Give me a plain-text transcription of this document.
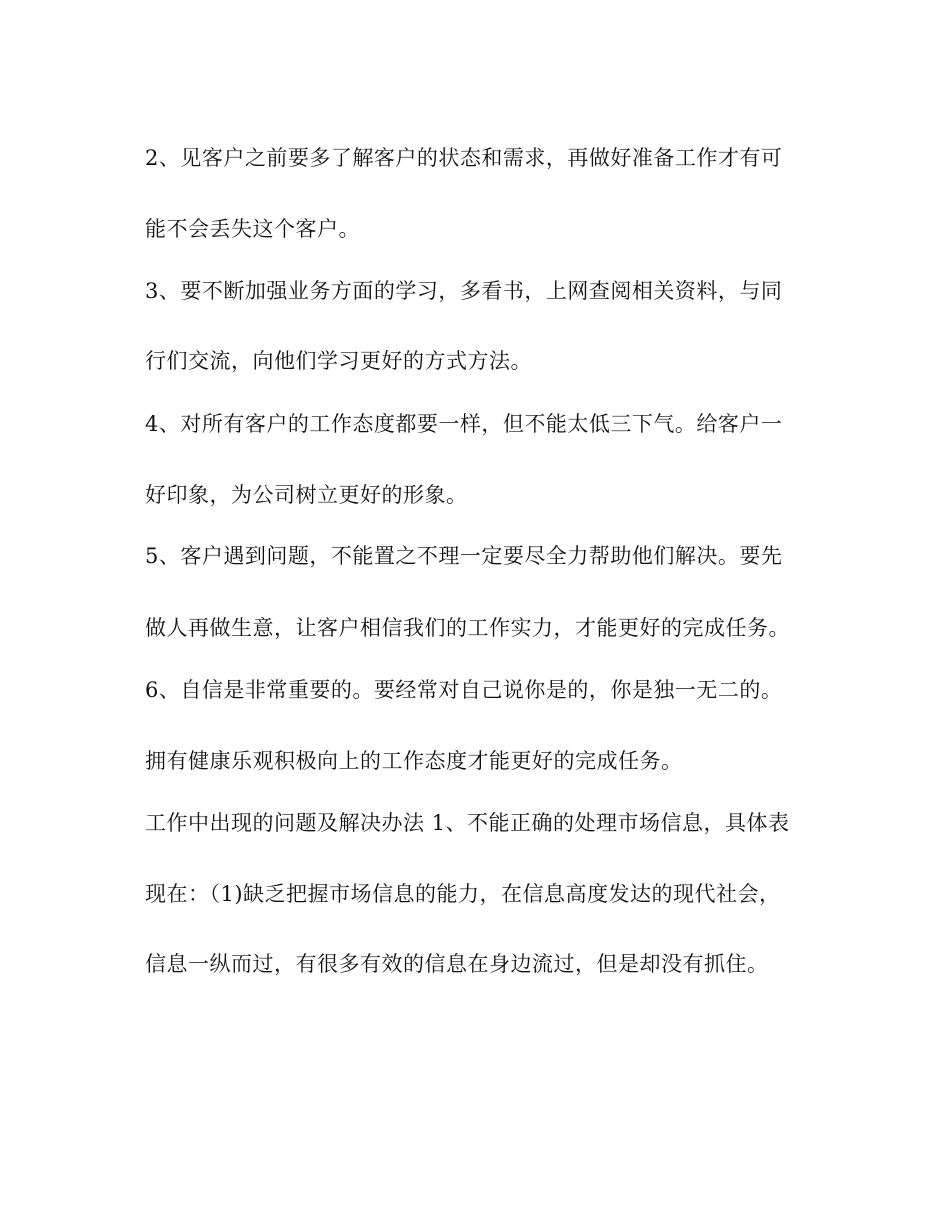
2、见客户之前要多了解客户的状态和需求，再做好准备工作才有可
能不会丢失这个客户。
3、要不断加强业务方面的学习，多看书，上网查阅相关资料，与同
行们交流，向他们学习更好的方式方法。
4、对所有客户的工作态度都要一样，但不能太低三下气。给客户一
好印象，为公司树立更好的形象。
5、客户遇到问题，不能置之不理一定要尽全力帮助他们解决。要先
做人再做生意，让客户相信我们的工作实力，才能更好的完成任务。
6、自信是非常重要的。要经常对自己说你是的，你是独一无二的。
拥有健康乐观积极向上的工作态度才能更好的完成任务。
工作中出现的问题及解决办法 1、不能正确的处理市场信息，具体表
现在：（1)缺乏把握市场信息的能力，在信息高度发达的现代社会，
信息一纵而过，有很多有效的信息在身边流过，但是却没有抓住。
